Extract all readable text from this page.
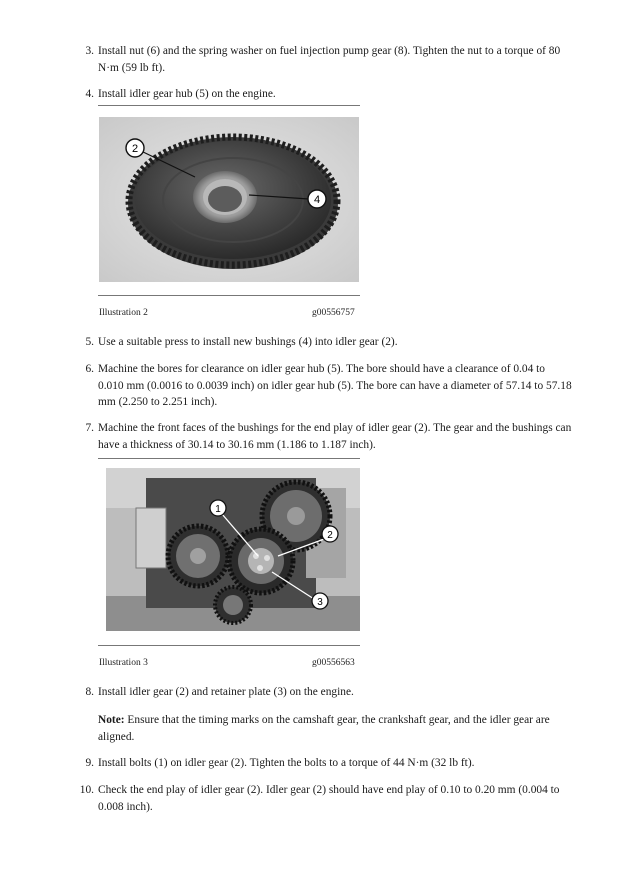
3. Install nut (6) and the spring washer on fuel injection pump gear (8). Tighten the nut to a torque of 80 N·m (59 lb ft).
4. Install idler gear hub (5) on the engine.
2
4
Illustration 2	g00556757
5. Use a suitable press to install new bushings (4) into idler gear (2).
6. Machine the bores for clearance on idler gear hub (5). The bore should have a clearance of 0.04 to 0.010 mm (0.0016 to 0.0039 inch) on idler gear hub (5). The bore can have a diameter of 57.14 to 57.18 mm (2.250 to 2.251 inch).
7. Machine the front faces of the bushings for the end play of idler gear (2). The gear and the bushings can have a thickness of 30.14 to 30.16 mm (1.186 to 1.187 inch).
1
2
3
Illustration 3	g00556563
8. Install idler gear (2) and retainer plate (3) on the engine.
Note: Ensure that the timing marks on the camshaft gear, the crankshaft gear, and the idler gear are aligned.
9. Install bolts (1) on idler gear (2). Tighten the bolts to a torque of 44 N·m (32 lb ft).
10. Check the end play of idler gear (2). Idler gear (2) should have end play of 0.10 to 0.20 mm (0.004 to 0.008 inch).
